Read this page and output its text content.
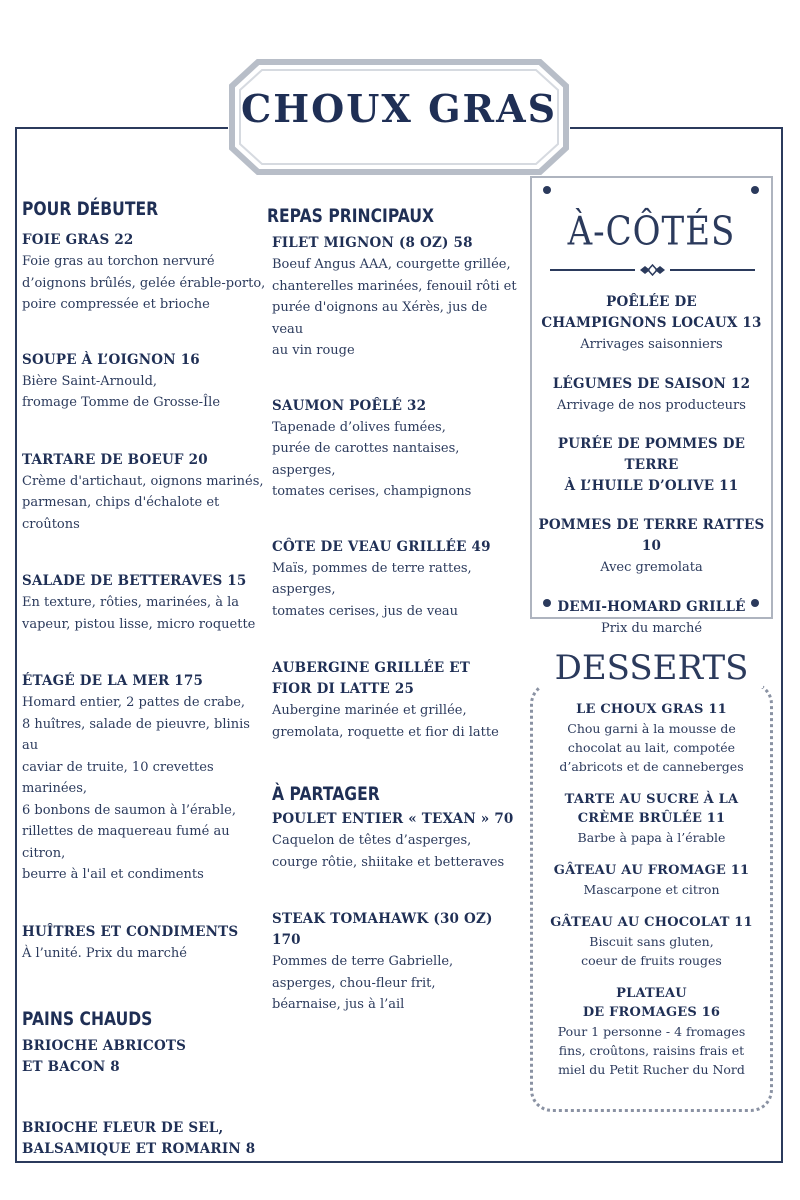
CHOUX GRAS
POUR DÉBUTER
FOIE GRAS 22
Foie gras au torchon nervuré
d’oignons brûlés, gelée érable-porto,
poire compressée et brioche
SOUPE À L’OIGNON 16
Bière Saint-Arnould,
fromage Tomme de Grosse-Île
TARTARE DE BOEUF 20
Crème d'artichaut, oignons marinés,
parmesan, chips d'échalote et croûtons
SALADE DE BETTERAVES 15
En texture, rôties, marinées, à la
vapeur, pistou lisse, micro roquette
ÉTAGÉ DE LA MER 175
Homard entier, 2 pattes de crabe,
8 huîtres, salade de pieuvre, blinis au
caviar de truite, 10 crevettes marinées,
6 bonbons de saumon à l’érable,
rillettes de maquereau fumé au citron,
beurre à l'ail et condiments
HUÎTRES ET CONDIMENTS
À l’unité. Prix du marché
PAINS CHAUDS
BRIOCHE ABRICOTS
ET BACON 8
BRIOCHE FLEUR DE SEL,
BALSAMIQUE ET ROMARIN 8
REPAS PRINCIPAUX
FILET MIGNON (8 OZ) 58
Boeuf Angus AAA, courgette grillée,
chanterelles marinées, fenouil rôti et
purée d'oignons au Xérès, jus de veau
au vin rouge
SAUMON POÊLÉ 32
Tapenade d’olives fumées,
purée de carottes nantaises, asperges,
tomates cerises, champignons
CÔTE DE VEAU GRILLÉE 49
Maïs, pommes de terre rattes, asperges,
tomates cerises, jus de veau
AUBERGINE GRILLÉE ET
FIOR DI LATTE 25
Aubergine marinée et grillée,
gremolata, roquette et fior di latte
À PARTAGER
POULET ENTIER « TEXAN » 70
Caquelon de têtes d’asperges,
courge rôtie, shiitake et betteraves
STEAK TOMAHAWK (30 OZ) 170
Pommes de terre Gabrielle,
asperges, chou-fleur frit,
béarnaise, jus à l’ail
À-CÔTÉS
POÊLÉE DE
CHAMPIGNONS LOCAUX 13
Arrivages saisonniers
LÉGUMES DE SAISON 12
Arrivage de nos producteurs
PURÉE DE POMMES DE TERRE
À L’HUILE D’OLIVE 11
POMMES DE TERRE RATTES 10
Avec gremolata
DEMI-HOMARD GRILLÉ
Prix du marché
DESSERTS
LE CHOUX GRAS 11
Chou garni à la mousse de
chocolat au lait, compotée
d’abricots et de canneberges
TARTE AU SUCRE À LA
CRÈME BRÛLÉE 11
Barbe à papa à l’érable
GÂTEAU AU FROMAGE 11
Mascarpone et citron
GÂTEAU AU CHOCOLAT 11
Biscuit sans gluten,
coeur de fruits rouges
PLATEAU
DE FROMAGES 16
Pour 1 personne - 4 fromages
fins, croûtons, raisins frais et
miel du Petit Rucher du Nord
